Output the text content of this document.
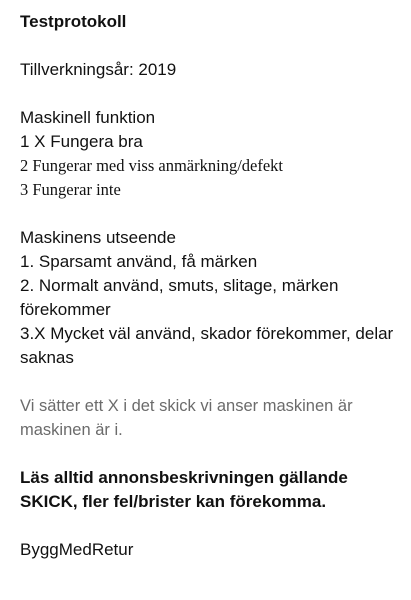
Testprotokoll
Tillverkningsår: 2019
Maskinell funktion
1 X Fungera bra
2 Fungerar med viss anmärkning/defekt
3 Fungerar inte
Maskinens utseende
1. Sparsamt använd, få märken
2. Normalt använd, smuts, slitage, märken förekommer
3.X Mycket väl använd, skador förekommer, delar saknas
Vi sätter ett X i det skick vi anser maskinen är maskinen är i.
Läs alltid annonsbeskrivningen gällande SKICK, fler fel/brister kan förekomma.
ByggMedRetur
